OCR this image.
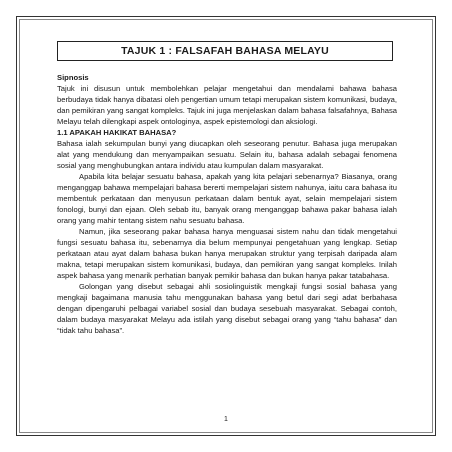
TAJUK 1 : FALSAFAH BAHASA MELAYU

Sipnosis

Tajuk ini disusun untuk membolehkan pelajar mengetahui dan mendalami bahawa bahasa berbudaya tidak hanya dibatasi oleh pengertian umum tetapi merupakan sistem komunikasi, budaya, dan pemikiran yang sangat kompleks. Tajuk ini juga menjelaskan dalam bahasa falsafahnya, Bahasa Melayu telah dilengkapi aspek ontologinya, aspek epistemologi dan aksiologi.

1.1 APAKAH HAKIKAT BAHASA?

Bahasa ialah sekumpulan bunyi yang diucapkan oleh seseorang penutur. Bahasa juga merupakan alat yang mendukung dan menyampaikan sesuatu. Selain itu, bahasa adalah sebagai fenomena sosial yang menghubungkan antara individu atau kumpulan dalam masyarakat.

Apabila kita belajar sesuatu bahasa, apakah yang kita pelajari sebenarnya? Biasanya, orang menganggap bahawa mempelajari bahasa bererti mempelajari sistem nahunya, iaitu cara bahasa itu membentuk perkataan dan menyusun perkataan dalam bentuk ayat, selain mempelajari sistem fonologi, bunyi dan ejaan. Oleh sebab itu, banyak orang menganggap bahawa pakar bahasa ialah orang yang mahir tentang sistem nahu sesuatu bahasa.

Namun, jika seseorang pakar bahasa hanya menguasai sistem nahu dan tidak mengetahui fungsi sesuatu bahasa itu, sebenarnya dia belum mempunyai pengetahuan yang lengkap. Setiap perkataan atau ayat dalam bahasa bukan hanya merupakan struktur yang terpisah daripada alam makna, tetapi merupakan sistem komunikasi, budaya, dan pemikiran yang sangat kompleks. Inilah aspek bahasa yang menarik perhatian banyak pemikir bahasa dan bukan hanya pakar tatabahasa.

Golongan yang disebut sebagai ahli sosiolinguistik mengkaji fungsi sosial bahasa yang mengkaji bagaimana manusia tahu menggunakan bahasa yang betul dari segi adat berbahasa dengan dipengaruhi pelbagai variabel sosial dan budaya sesebuah masyarakat. Sebagai contoh, dalam budaya masyarakat Melayu ada istilah yang disebut sebagai orang yang “tahu bahasa” dan “tidak tahu bahasa”.

1
